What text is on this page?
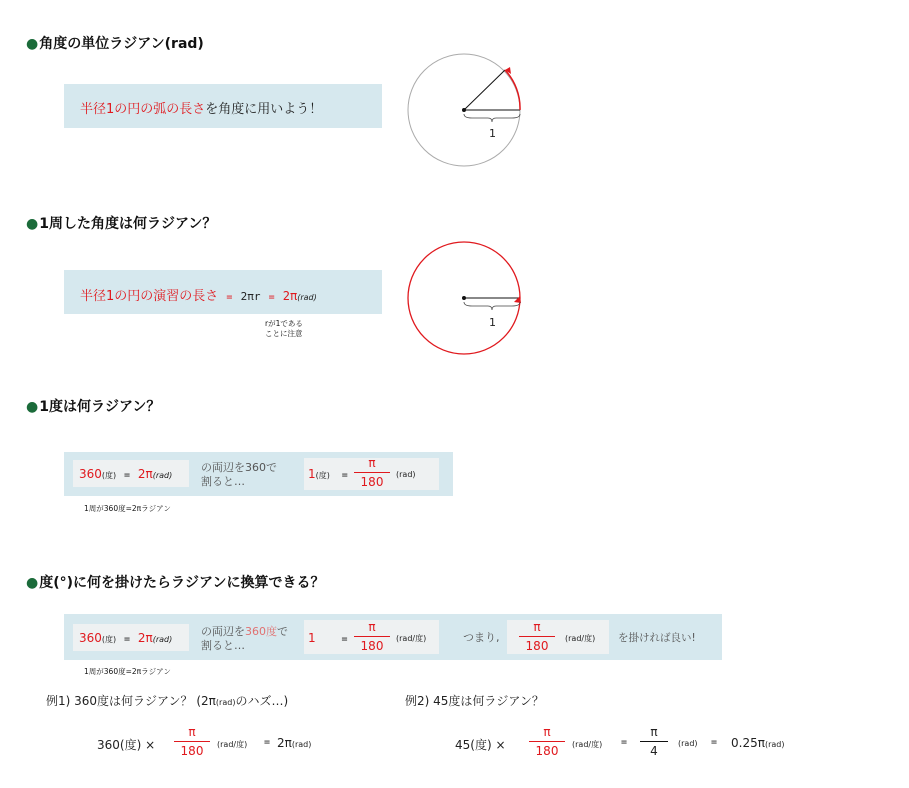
●角度の単位ラジアン(rad)
半径1の円の弧の長さを角度に用いよう！
1
●1周した角度は何ラジアン？
半径1の円の演習の長さ = 2πr = 2π(rad)
rが1である
ことに注意
1
●1度は何ラジアン？
360(度) = 2π(rad)
の両辺を360で
割ると…
1(度) =
π
180
(rad)
1周が360度=2πラジアン
●度(°)に何を掛けたらラジアンに換算できる？
360(度) = 2π(rad)
の両辺を360度で
割ると…
1	=
π
180
(rad/度)	つまり,
π
180
(rad/度) を掛ければ良い!
1周が360度=2πラジアン
例1) 360度は何ラジアン？ (2π(rad)のハズ…)
360(度) ×
π
180	(rad/度) = 2π(rad)
例2) 45度は何ラジアン？
45(度) ×
π
180	(rad/度) =
π
4
(rad) = 0.25π(rad)
